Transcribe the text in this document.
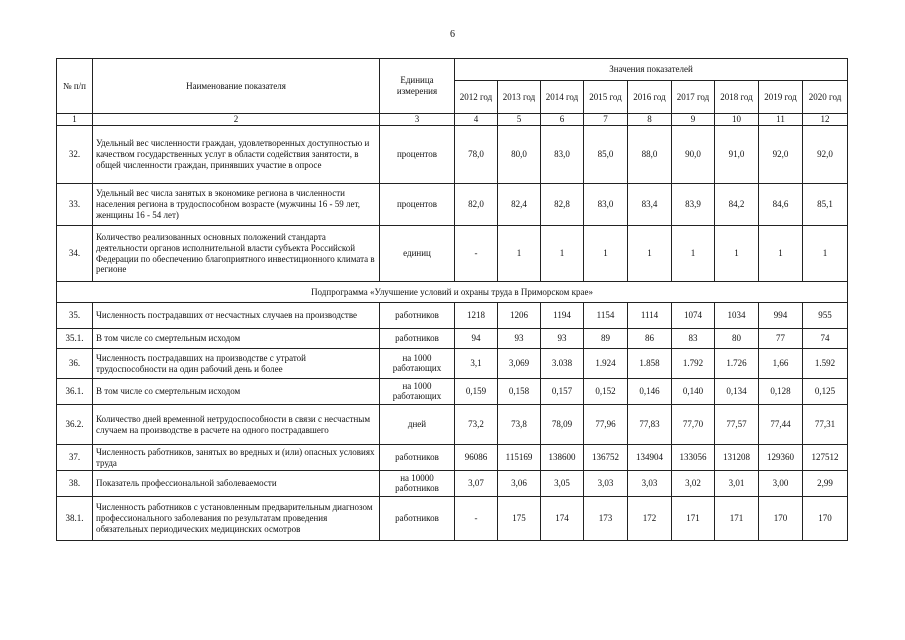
6
№ п/п	Наименование показателя	Единица измерения	Значения показателей								
			2012 год	2013 год	2014 год	2015 год	2016 год	2017 год	2018 год	2019 год	2020 год
1	2	3	4	5	6	7	8	9	10	11	12
32.	Удельный вес численности граждан, удовлетворенных доступностью и качеством государственных услуг в области содействия занятости, в общей численности граждан, принявших участие в опросе	процентов	78,0	80,0	83,0	85,0	88,0	90,0	91,0	92,0	92,0
33.	Удельный вес числа занятых в экономике региона в численности населения региона в трудоспособном возрасте (мужчины 16 - 59 лет, женщины 16 - 54 лет)	процентов	82,0	82,4	82,8	83,0	83,4	83,9	84,2	84,6	85,1
34.	Количество реализованных основных положений стандарта деятельности органов исполнительной власти субъекта Российской Федерации по обеспечению благоприятного инвестиционного климата в регионе	единиц	-	1	1	1	1	1	1	1	1
Подпрограмма «Улучшение условий и охраны труда в Приморском крае»											
35.	Численность пострадавших от несчастных случаев на производстве	работников	1218	1206	1194	1154	1114	1074	1034	994	955
35.1.	В том числе со смертельным исходом	работников	94	93	93	89	86	83	80	77	74
36.	Численность пострадавших на производстве с утратой трудоспособности на один рабочий день и более	на 1000 работающих	3,1	3,069	3.038	1.924	1.858	1.792	1.726	1,66	1.592
36.1.	В том числе со смертельным исходом	на 1000 работающих	0,159	0,158	0,157	0,152	0,146	0,140	0,134	0,128	0,125
36.2.	Количество дней временной нетрудоспособности в связи с несчастным случаем на производстве в расчете на одного пострадавшего	дней	73,2	73,8	78,09	77,96	77,83	77,70	77,57	77,44	77,31
37.	Численность работников, занятых во вредных и (или) опасных условиях труда	работников	96086	115169	138600	136752	134904	133056	131208	129360	127512
38.	Показатель профессиональной заболеваемости	на 10000 работников	3,07	3,06	3,05	3,03	3,03	3,02	3,01	3,00	2,99
38.1.	Численность работников с установленным предварительным диагнозом профессионального заболевания по результатам проведения обязательных периодических медицинских осмотров	работников	-	175	174	173	172	171	171	170	170
